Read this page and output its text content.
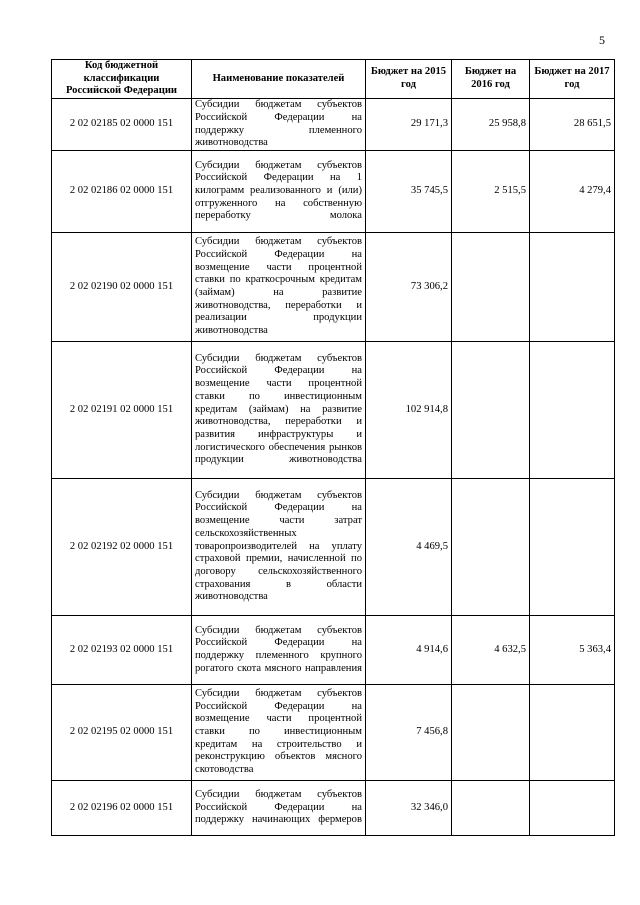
5
Код бюджетной классификации Российской Федерации	Наименование показателей	Бюджет на 2015 год	Бюджет на 2016 год	Бюджет на 2017 год
2 02 02185 02 0000 151	Субсидии бюджетам субъектов Российской Федерации на поддержку племенного животноводства	29 171,3	25 958,8	28 651,5
2 02 02186 02 0000 151	Субсидии бюджетам субъектов Российской Федерации на 1 килограмм реализованного и (или) отгруженного на собственную переработку молока	35 745,5	2 515,5	4 279,4
2 02 02190 02 0000 151	Субсидии бюджетам субъектов Российской Федерации на возмещение части процентной ставки по краткосрочным кредитам (займам) на развитие животноводства, переработки и реализации продукции животноводства	73 306,2		
2 02 02191 02 0000 151	Субсидии бюджетам субъектов Российской Федерации на возмещение части процентной ставки по инвестиционным кредитам (займам) на развитие животноводства, переработки и развития инфраструктуры и логистического обеспечения рынков продукции животноводства	102 914,8		
2 02 02192 02 0000 151	Субсидии бюджетам субъектов Российской Федерации на возмещение части затрат сельскохозяйственных товаропроизводителей на уплату страховой премии, начисленной по договору сельскохозяйственного страхования в области животноводства	4 469,5		
2 02 02193 02 0000 151	Субсидии бюджетам субъектов Российской Федерации на поддержку племенного крупного рогатого скота мясного направления	4 914,6	4 632,5	5 363,4
2 02 02195 02 0000 151	Субсидии бюджетам субъектов Российской Федерации на возмещение части процентной ставки по инвестиционным кредитам на строительство и реконструкцию объектов мясного скотоводства	7 456,8		
2 02 02196 02 0000 151	Субсидии бюджетам субъектов Российской Федерации на поддержку начинающих фермеров	32 346,0		
